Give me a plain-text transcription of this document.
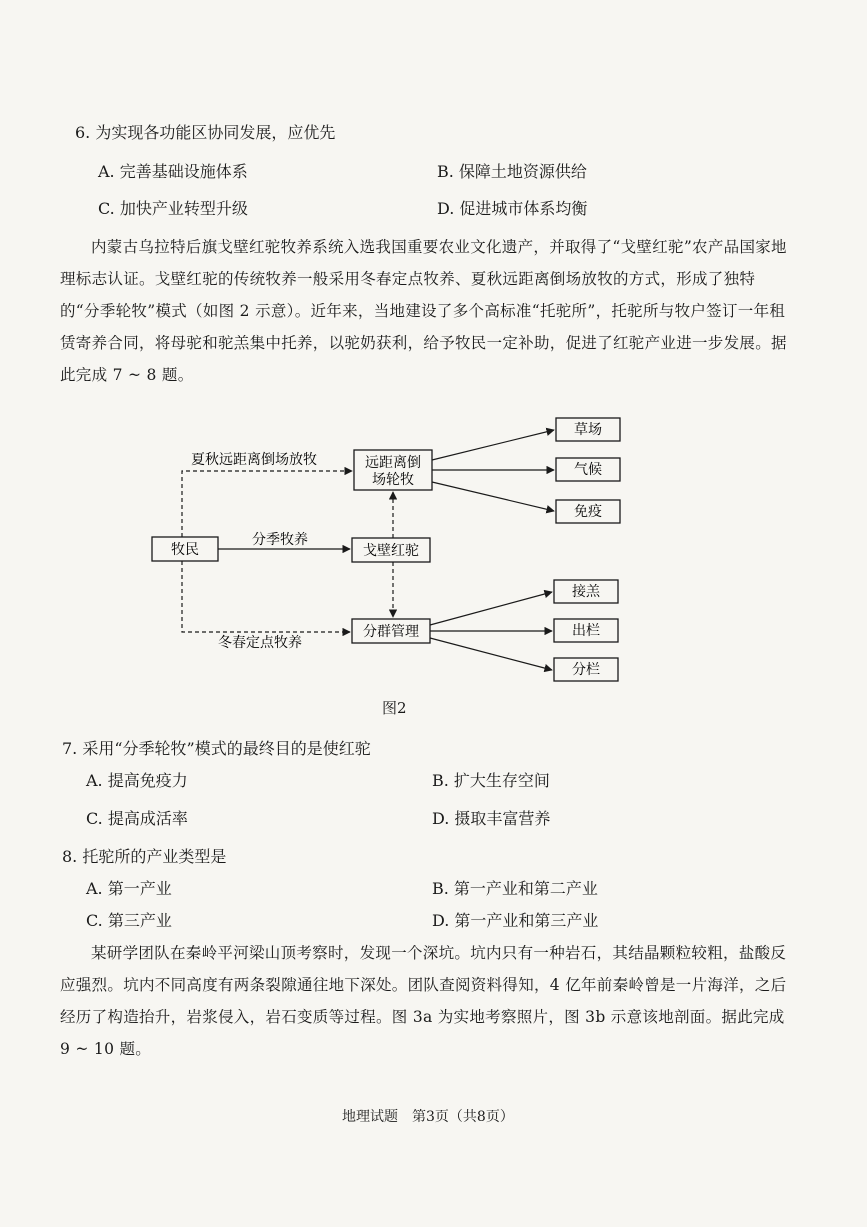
6. 为实现各功能区协同发展，应优先
A. 完善基础设施体系	B. 保障土地资源供给
C. 加快产业转型升级	D. 促进城市体系均衡
内蒙古乌拉特后旗戈壁红驼牧养系统入选我国重要农业文化遗产，并取得了“戈壁红驼”农产品国家地理标志认证。戈壁红驼的传统牧养一般采用冬春定点牧养、夏秋远距离倒场放牧的方式，形成了独特的“分季轮牧”模式（如图 2 示意）。近年来，当地建设了多个高标准“托驼所”，托驼所与牧户签订一年租赁寄养合同，将母驼和驼羔集中托养，以驼奶获利，给予牧民一定补助，促进了红驼产业进一步发展。据此完成 7 ~ 8 题。
牧民	戈壁红驼
远距离倒
场轮牧
分群管理
草场
气候
免疫
接羔
出栏
分栏
夏秋远距离倒场放牧
分季牧养
冬春定点牧养
图2
7. 采用“分季轮牧”模式的最终目的是使红驼
A. 提高免疫力	B. 扩大生存空间
C. 提高成活率	D. 摄取丰富营养
8. 托驼所的产业类型是
A. 第一产业	B. 第一产业和第二产业
C. 第三产业	D. 第一产业和第三产业
某研学团队在秦岭平河梁山顶考察时，发现一个深坑。坑内只有一种岩石，其结晶颗粒较粗，盐酸反应强烈。坑内不同高度有两条裂隙通往地下深处。团队查阅资料得知，4 亿年前秦岭曾是一片海洋，之后经历了构造抬升，岩浆侵入，岩石变质等过程。图 3a 为实地考察照片，图 3b 示意该地剖面。据此完成 9 ~ 10 题。
地理试题　第3页（共8页）
